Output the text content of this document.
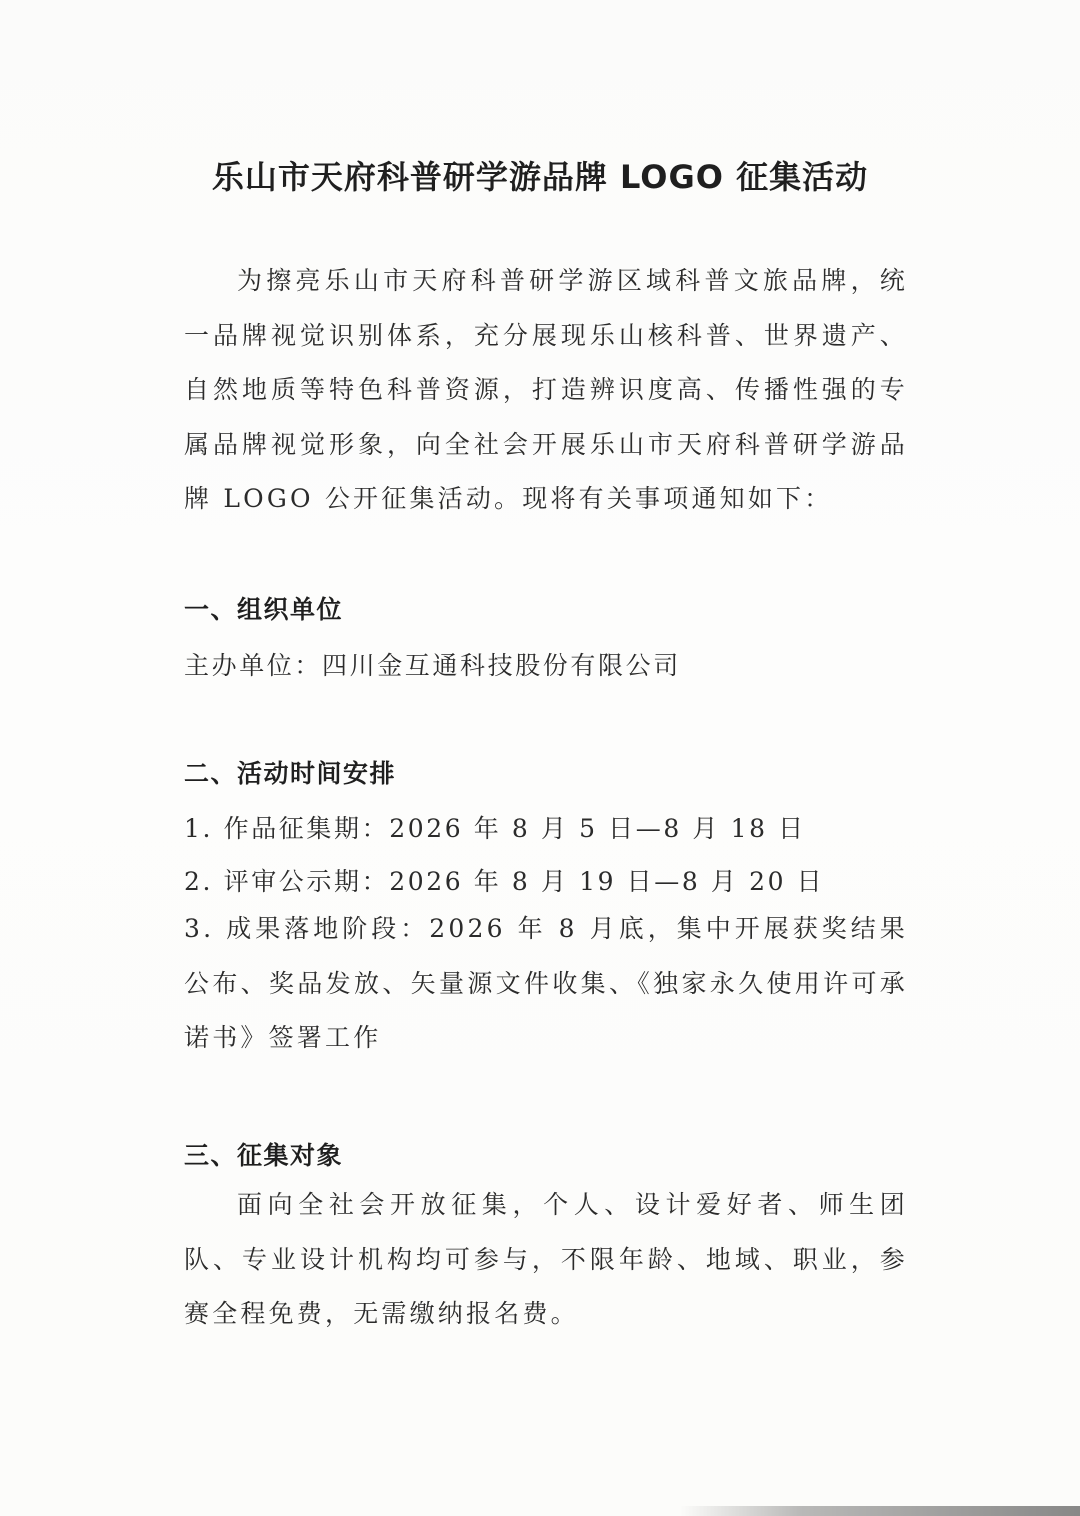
乐山市天府科普研学游品牌 LOGO 征集活动
为擦亮乐山市天府科普研学游区域科普文旅品牌，统一品牌视觉识别体系，充分展现乐山核科普、世界遗产、自然地质等特色科普资源，打造辨识度高、传播性强的专属品牌视觉形象，向全社会开展乐山市天府科普研学游品牌 LOGO 公开征集活动。现将有关事项通知如下：
一、组织单位
主办单位：四川金互通科技股份有限公司
二、活动时间安排
1. 作品征集期：2026 年 8 月 5 日—8 月 18 日
2. 评审公示期：2026 年 8 月 19 日—8 月 20 日
3. 成果落地阶段：2026 年 8 月底，集中开展获奖结果公布、奖品发放、矢量源文件收集、《独家永久使用许可承诺书》签署工作
三、征集对象
面向全社会开放征集，个人、设计爱好者、师生团队、专业设计机构均可参与，不限年龄、地域、职业，参赛全程免费，无需缴纳报名费。
